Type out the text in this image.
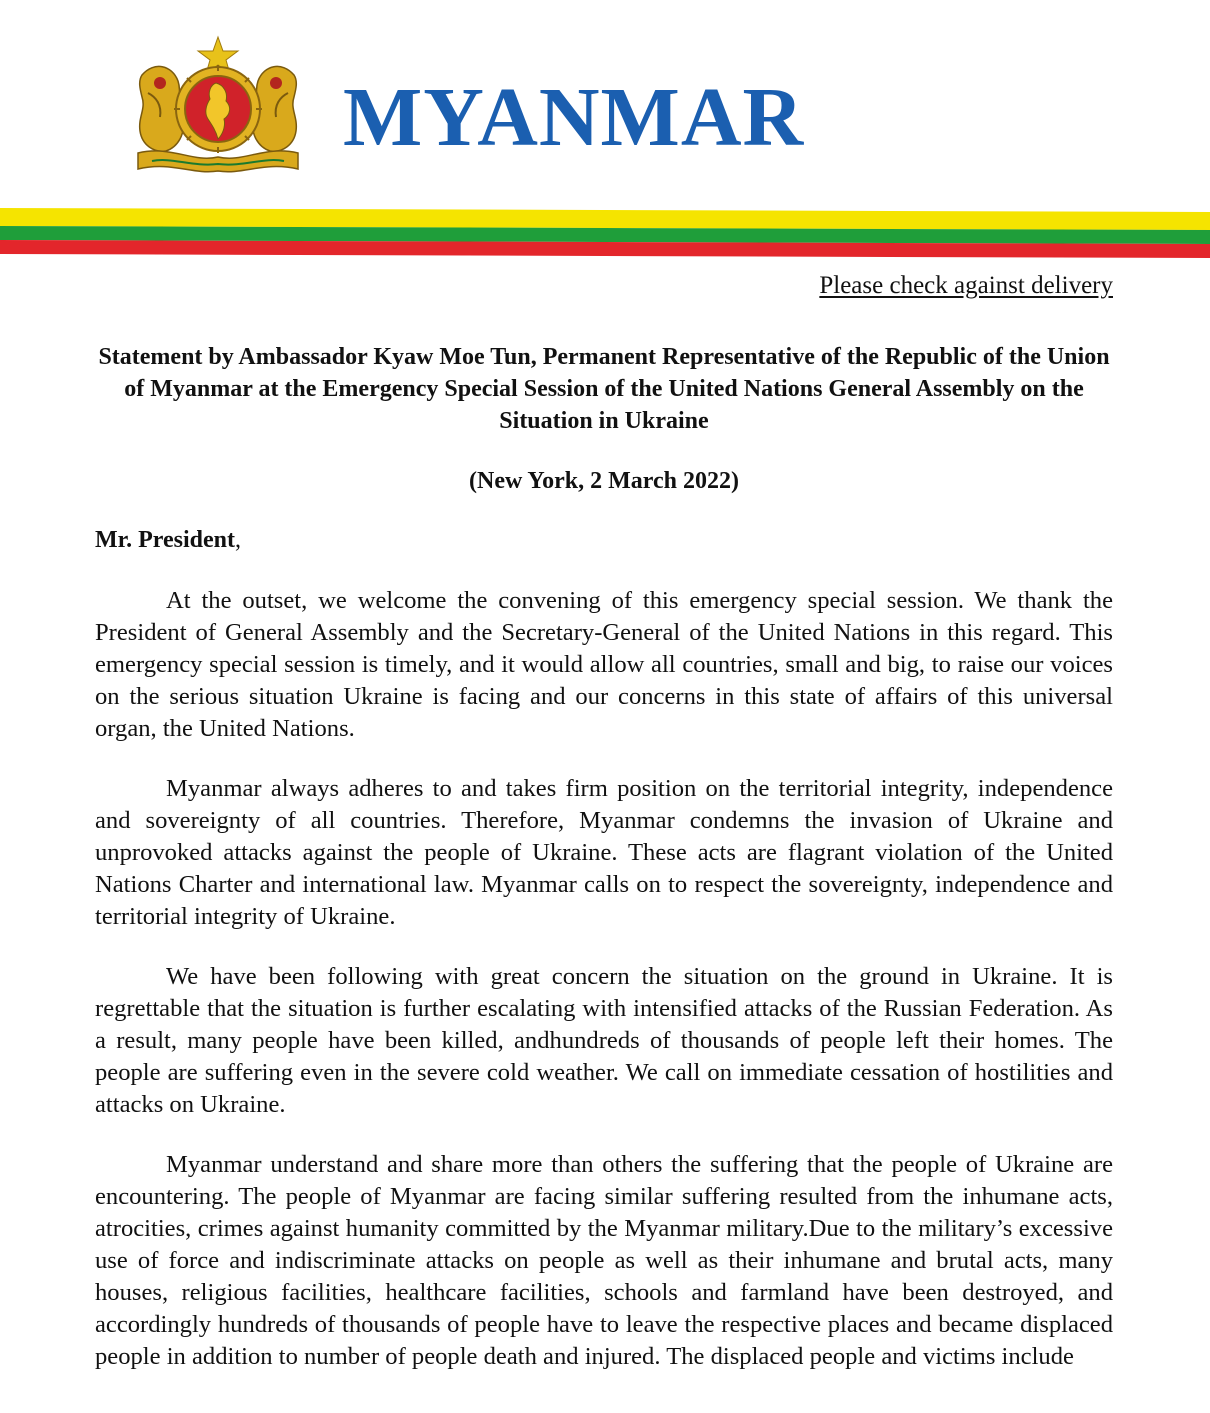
MYANMAR
Please check against delivery

Statement by Ambassador Kyaw Moe Tun, Permanent Representative of the Republic of the Union of Myanmar at the Emergency Special Session of the United Nations General Assembly on the Situation in Ukraine

(New York, 2 March 2022)

Mr. President,

At the outset, we welcome the convening of this emergency special session. We thank the President of General Assembly and the Secretary-General of the United Nations in this regard. This emergency special session is timely, and it would allow all countries, small and big, to raise our voices on the serious situation Ukraine is facing and our concerns in this state of affairs of this universal organ, the United Nations.

Myanmar always adheres to and takes firm position on the territorial integrity, independence and sovereignty of all countries. Therefore, Myanmar condemns the invasion of Ukraine and unprovoked attacks against the people of Ukraine. These acts are flagrant violation of the United Nations Charter and international law. Myanmar calls on to respect the sovereignty, independence and territorial integrity of Ukraine.

We have been following with great concern the situation on the ground in Ukraine. It is regrettable that the situation is further escalating with intensified attacks of the Russian Federation. As a result, many people have been killed, andhundreds of thousands of people left their homes. The people are suffering even in the severe cold weather. We call on immediate cessation of hostilities and attacks on Ukraine.

Myanmar understand and share more than others the suffering that the people of Ukraine are encountering. The people of Myanmar are facing similar suffering resulted from the inhumane acts, atrocities, crimes against humanity committed by the Myanmar military.Due to the military’s excessive use of force and indiscriminate attacks on people as well as their inhumane and brutal acts, many houses, religious facilities, healthcare facilities, schools and farmland have been destroyed, and accordingly hundreds of thousands of people have to leave the respective places and became displaced people in addition to number of people death and injured. The displaced people and victims include
